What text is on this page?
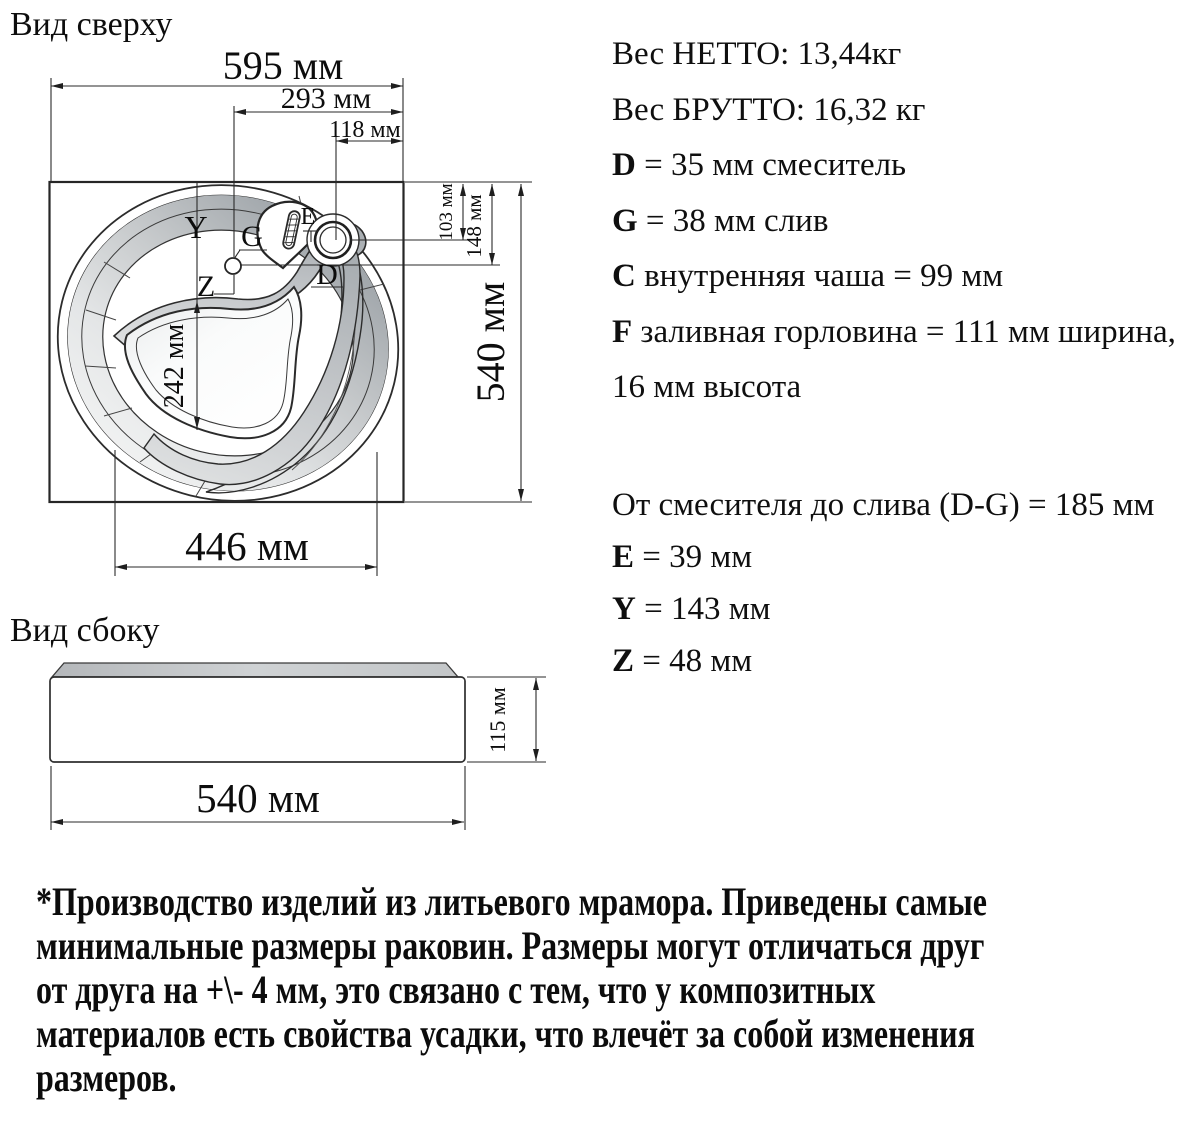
Вид сверху
595 мм
293 мм
118 мм
103 мм 148 мм
540 мм
242 мм
446 мм
Y G
Z
E
D
Вид сбоку
115 мм
540 мм
Вес НЕТТО: 13,44кг
Вес БРУТТО: 16,32 кг
D = 35 мм смеситель
G = 38 мм слив
C внутренняя чаша = 99 мм
F заливная горловина = 111 мм ширина,
16 мм высота
От смесителя до слива (D-G) = 185 мм
E = 39 мм
Y = 143 мм
Z = 48 мм
*Производство изделий из литьевого мрамора. Приведены самые
минимальные размеры раковин. Размеры могут отличаться друг
от друга на +\- 4 мм, это связано с тем, что у композитных
материалов есть свойства усадки, что влечёт за собой изменения
размеров.
